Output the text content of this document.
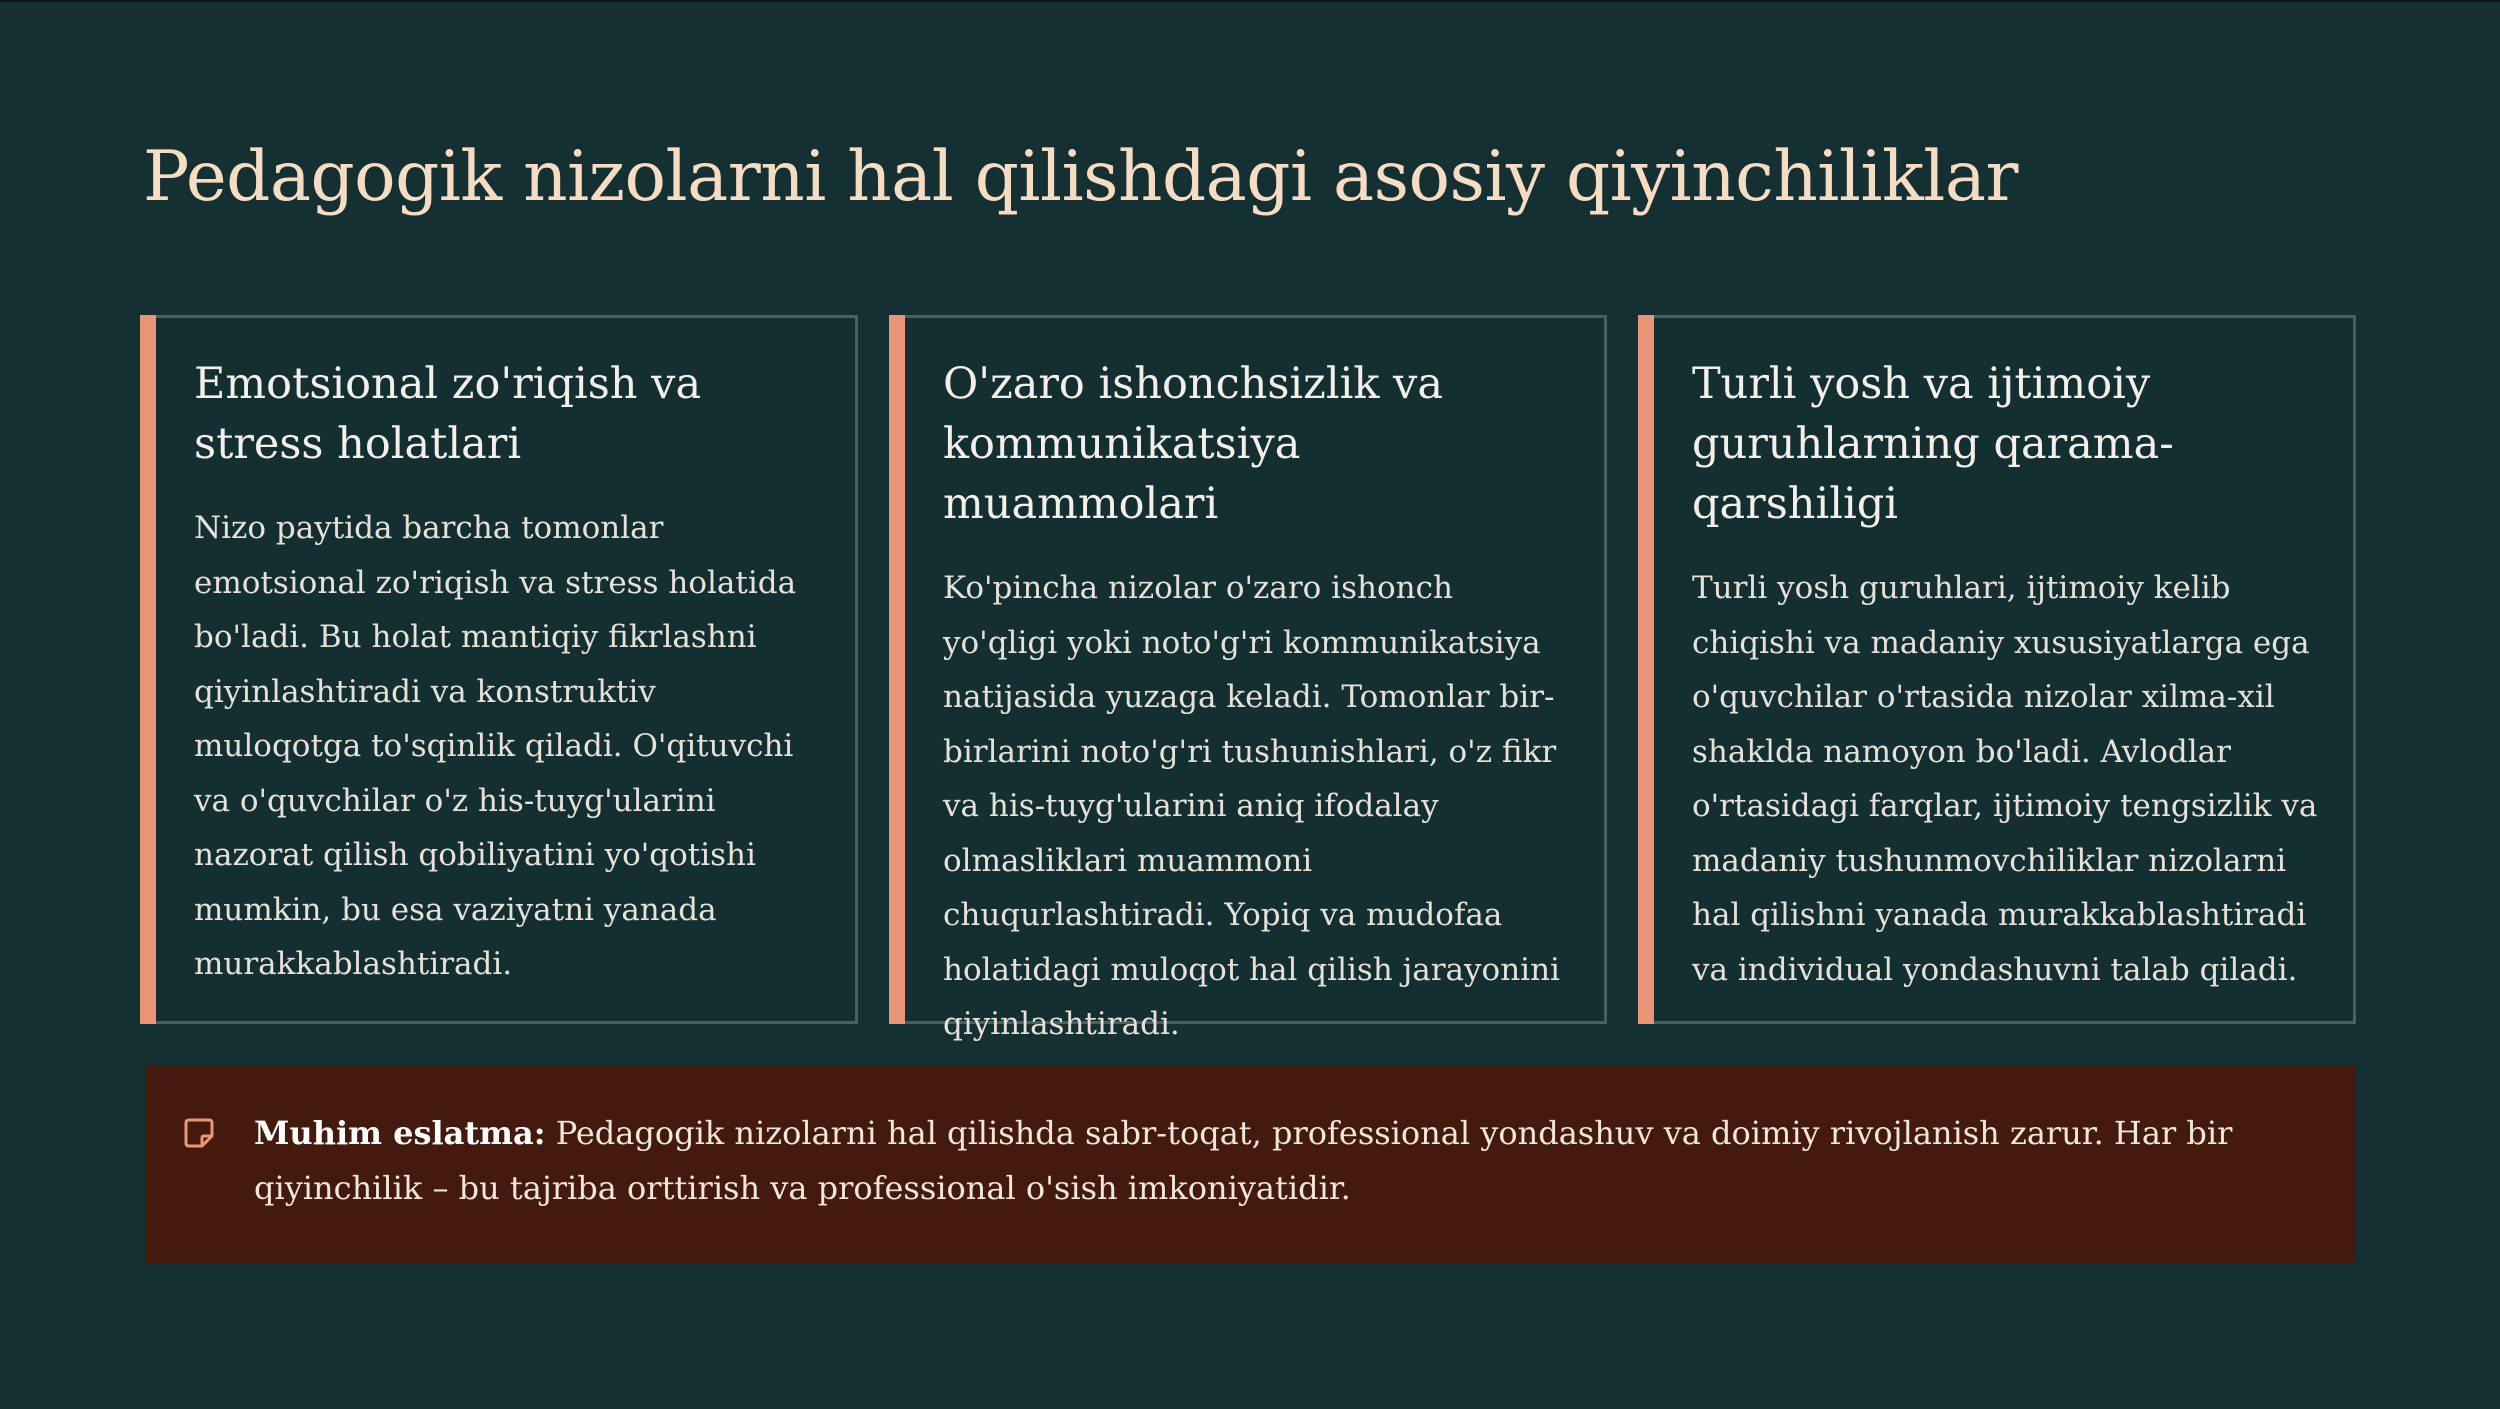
Pedagogik nizolarni hal qilishdagi asosiy qiyinchiliklar
Emotsional zo'riqish va stress holatlari

Nizo paytida barcha tomonlar emotsional zo'riqish va stress holatida bo'ladi. Bu holat mantiqiy fikrlashni qiyinlashtiradi va konstruktiv muloqotga to'sqinlik qiladi. O'qituvchi va o'quvchilar o'z his-tuyg'ularini nazorat qilish qobiliyatini yo'qotishi mumkin, bu esa vaziyatni yanada murakkablashtiradi.

O'zaro ishonchsizlik va kommunikatsiya muammolari

Ko'pincha nizolar o'zaro ishonch yo'qligi yoki noto'g'ri kommunikatsiya natijasida yuzaga keladi. Tomonlar bir-birlarini noto'g'ri tushunishlari, o'z fikr va his-tuyg'ularini aniq ifodalay olmasliklari muammoni chuqurlashtiradi. Yopiq va mudofaa holatidagi muloqot hal qilish jarayonini qiyinlashtiradi.

Turli yosh va ijtimoiy guruhlarning qarama-qarshiligi

Turli yosh guruhlari, ijtimoiy kelib chiqishi va madaniy xususiyatlarga ega o'quvchilar o'rtasida nizolar xilma-xil shaklda namoyon bo'ladi. Avlodlar o'rtasidagi farqlar, ijtimoiy tengsizlik va madaniy tushunmovchiliklar nizolarni hal qilishni yanada murakkablashtiradi va individual yondashuvni talab qiladi.

Muhim eslatma: Pedagogik nizolarni hal qilishda sabr-toqat, professional yondashuv va doimiy rivojlanish zarur. Har bir qiyinchilik – bu tajriba orttirish va professional o'sish imkoniyatidir.
